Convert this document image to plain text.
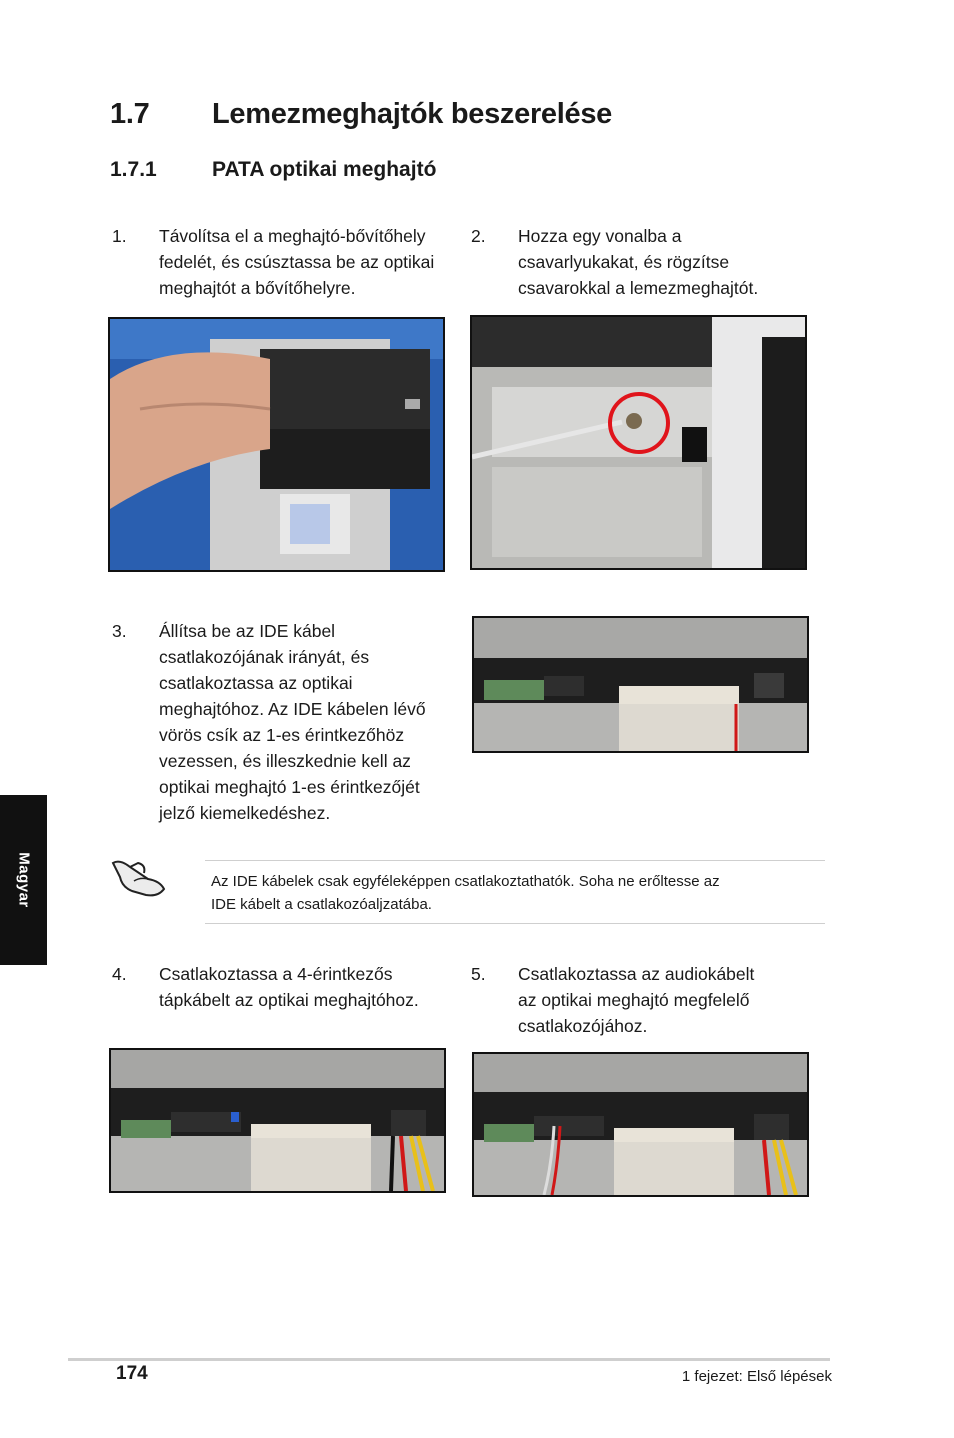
1.7 Lemezmeghajtók beszerelése
1.7.1	PATA optikai meghajtó
1. Távolítsa el a meghajtó-bővítőhely
fedelét, és csúsztassa be az optikai
meghajtót a bővítőhelyre.
2. Hozza egy vonalba a
csavarlyukakat, és rögzítse
csavarokkal a lemezmeghajtót.
3. Állítsa be az IDE kábel
csatlakozójának irányát, és
csatlakoztassa az optikai
meghajtóhoz. Az IDE kábelen lévő
vörös csík az 1-es érintkezőhöz
vezessen, és illeszkednie kell az
optikai meghajtó 1-es érintkezőjét
jelző kiemelkedéshez.
Magyar	Az IDE kábelek csak egyféleképpen csatlakoztathatók. Soha ne erőltesse az
IDE kábelt a csatlakozóaljzatába.
4. Csatlakoztassa a 4-érintkezős
tápkábelt az optikai meghajtóhoz.
5. Csatlakoztassa az audiokábelt
az optikai meghajtó megfelelő
csatlakozójához.
174	1 fejezet: Első lépések
